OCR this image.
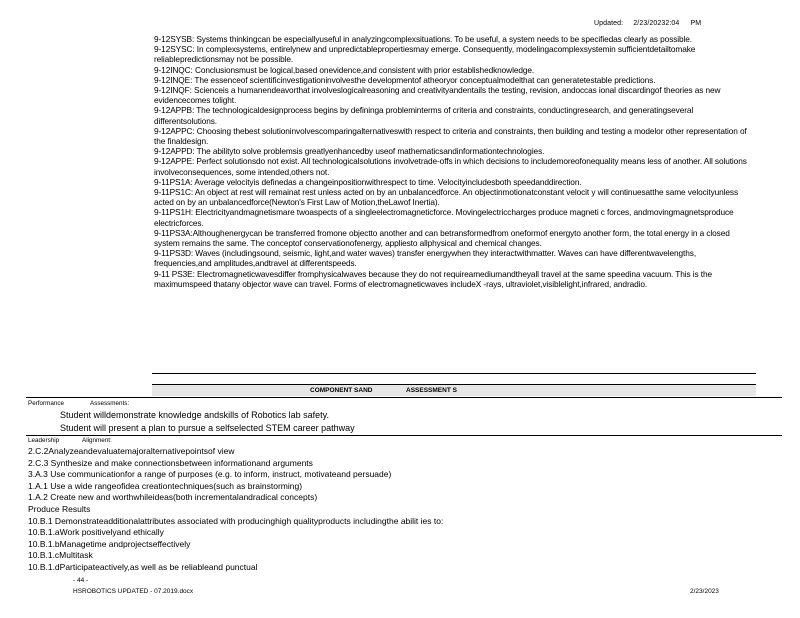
Updated: 2/23/20232:04 PM

9-12SYSB: Systems thinkingcan be especiallyuseful in analyzingcomplexsituations. To be useful, a system needs to be specifiedas clearly as possible.

9-12SYSC: In complexsystems, entirelynew and unpredictablepropertiesmay emerge. Consequently, modelingacomplexsystemin sufficientdetailtomake reliablepredictionsmay not be possible.

9-12INQC: Conclusionsmust be logical,based onevidence,and consistent with prior establishedknowledge.

9-12INQE: The essenceof scientificinvestigationinvolvesthe developmentof atheoryor conceptualmodelthat can generatetestable predictions.

9-12INQF: Scienceis a humanendeavorthat involveslogicalreasoning and creativityandentails the testing, revision, andoccas ional discardingof theories as new evidencecomes tolight.

9-12APPB: The technologicaldesignprocess begins by defininga probleminterms of criteria and constraints, conductingresearch, and generatingseveral differentsolutions.

9-12APPC: Choosing thebest solutioninvolvescomparingalternativeswith respect to criteria and constraints, then building and testing a modelor other representation of the finaldesign.

9-12APPD: The abilityto solve problemsis greatlyenhancedby useof mathematicsandinformationtechnologies.

9-12APPE: Perfect solutionsdo not exist. All technologicalsolutions involvetrade-offs in which decisions to includemoreofonequality means less of another. All solutions involveconsequences, some intended,others not.

9-11PS1A: Average velocityis definedas a changeinpositionwithrespect to time. Velocityincludesboth speedanddirection.

9-11PS1C: An object at rest will remainat rest unless acted on by an unbalancedforce. An objectinmotionatconstant velocit y will continuesatthe same velocityunless acted on by an unbalancedforce(Newton's First Law of Motion,theLawof Inertia).

9-11PS1H: Electricityandmagnetismare twoaspects of a singleelectromagneticforce. Movingelectriccharges produce magneti c forces, andmovingmagnetsproduce electricforces.

9-11PS3A:Althoughenergycan be transferred fromone objectto another and can betransformedfrom oneformof energyto another form, the total energy in a closed system remains the same. The conceptof conservationofenergy, appliesto allphysical and chemical changes.

9-11PS3D: Waves (includingsound, seismic, light,and water waves) transfer energywhen they interactwithmatter. Waves can have differentwavelengths, frequencies,and amplitudes,andtravel at differentspeeds.

9-11 PS3E: Electromagneticwavesdiffer fromphysicalwaves because they do not requireamediumandtheyall travel at the same speedina vacuum. This is the maximumspeed thatany objector wave can travel. Forms of electromagneticwaves includeX -rays, ultraviolet,visiblelight,infrared, andradio.

COMPONENT SAND	ASSESSMENT S
Performance	Assessments:
Student willdemonstrate knowledge andskills of Robotics lab safety.
Student will present a plan to pursue a selfselected STEM career pathway
Leadership	Alignment:
2.C.2Analyzeandevaluatemajoralternativepointsof view
2.C.3 Synthesize and make connectionsbetween informationand arguments
3.A.3 Use communicationfor a range of purposes (e.g. to inform, instruct, motivateand persuade)
1.A.1 Use a wide rangeofidea creationtechniques(such as brainstorming)
1.A.2 Create new and worthwhileideas(both incrementalandradical concepts)
Produce Results
10.B.1 Demonstrateadditionalattributes associated with producinghigh qualityproducts includingthe abilit ies to:
10.B.1.aWork positivelyand ethically
10.B.1.bManagetime andprojectseffectively
10.B.1.cMultitask
10.B.1.dParticipateactively,as well as be reliableand punctual
- 44 -
HSROBOTICS UPDATED - 07.2019.docx	2/23/2023
